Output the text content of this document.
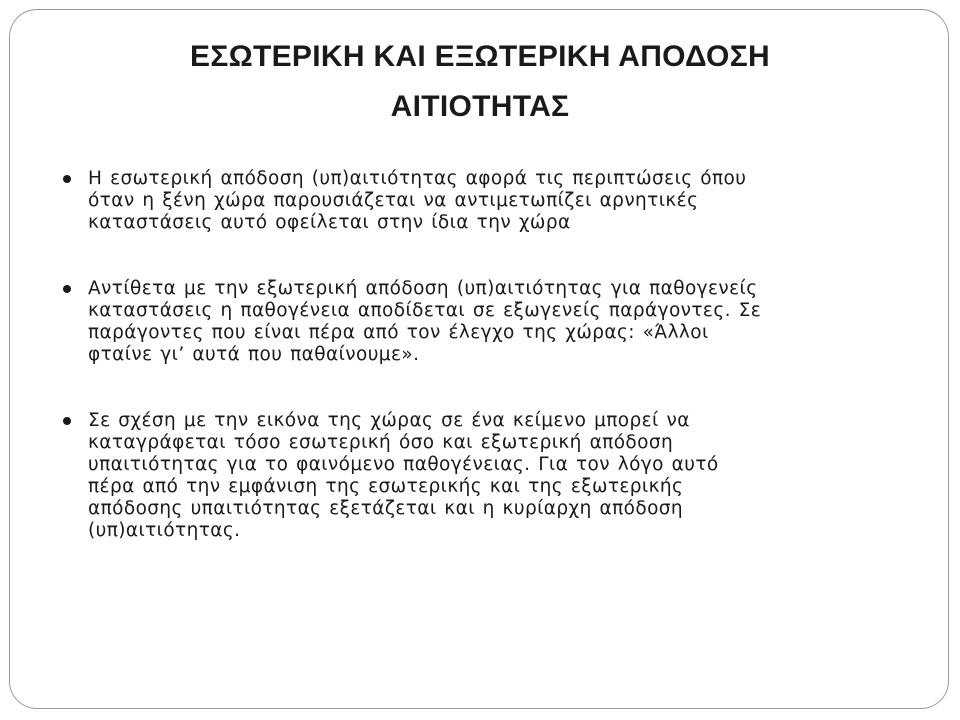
ΕΣΩΤΕΡΙΚΗ ΚΑΙ ΕΞΩΤΕΡΙΚΗ ΑΠΟΔΟΣΗ
ΑΙΤΙΟΤΗΤΑΣ
Η εσωτερική απόδοση (υπ)αιτιότητας αφορά τις περιπτώσεις όπου
όταν η ξένη χώρα παρουσιάζεται να αντιμετωπίζει αρνητικές
καταστάσεις αυτό οφείλεται στην ίδια την χώρα
Αντίθετα με την εξωτερική απόδοση (υπ)αιτιότητας για παθογενείς
καταστάσεις η παθογένεια αποδίδεται σε εξωγενείς παράγοντες. Σε
παράγοντες που είναι πέρα από τον έλεγχο της χώρας: «Άλλοι
φταίνε γι’ αυτά που παθαίνουμε».
Σε σχέση με την εικόνα της χώρας σε ένα κείμενο μπορεί να
καταγράφεται τόσο εσωτερική όσο και εξωτερική απόδοση
υπαιτιότητας για το φαινόμενο παθογένειας. Για τον λόγο αυτό
πέρα από την εμφάνιση της εσωτερικής και της εξωτερικής
απόδοσης υπαιτιότητας εξετάζεται και η κυρίαρχη απόδοση
(υπ)αιτιότητας.
